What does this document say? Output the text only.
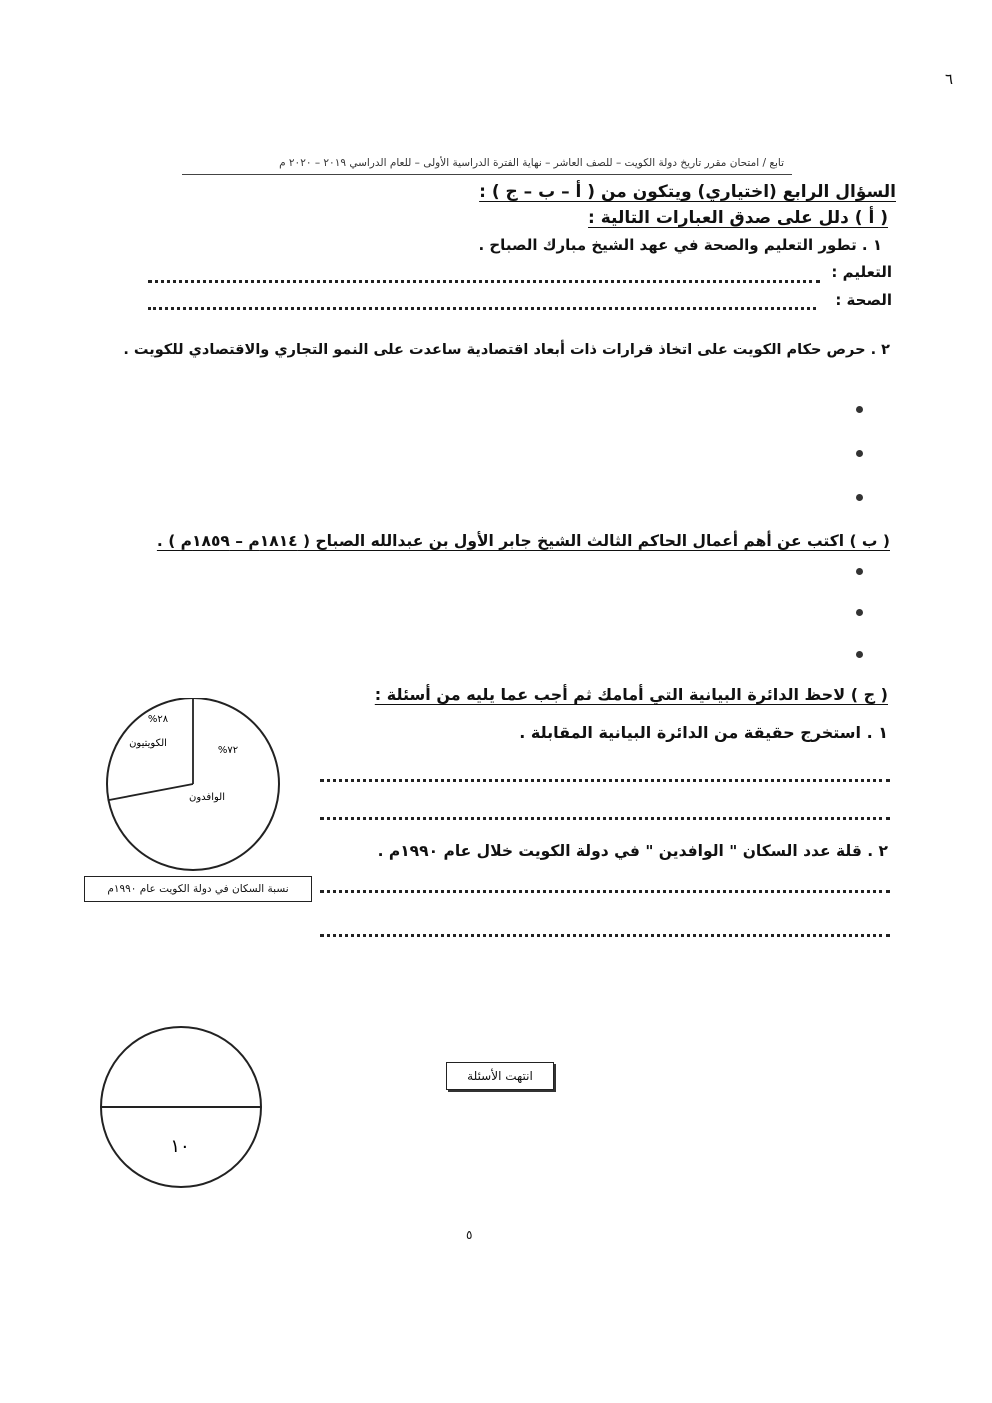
٦
تابع / امتحان مقرر تاريخ دولة الكويت – للصف العاشر – نهاية الفترة الدراسية الأولى – للعام الدراسي ٢٠١٩ – ٢٠٢٠ م
السؤال الرابع (اختياري) ويتكون من ( أ – ب – ج ) :
( أ ) دلل على صدق العبارات التالية :
١ . تطور التعليم والصحة في عهد الشيخ مبارك الصباح .
التعليم :
الصحة :
٢ . حرص حكام الكويت على اتخاذ قرارات ذات أبعاد اقتصادية ساعدت على النمو التجاري والاقتصادي للكويت .
( ب ) اكتب عن أهم أعمال الحاكم الثالث الشيخ جابر الأول بن عبدالله الصباح ( ١٨١٤م – ١٨٥٩م ) .
( ج ) لاحظ الدائرة البيانية التي أمامك ثم أجب عما يليه من أسئلة :
١ . استخرج حقيقة من الدائرة البيانية المقابلة .
٢ . قلة عدد السكان " الوافدين " في دولة الكويت خلال عام ١٩٩٠م .
٢٨%
الكويتيون
٧٢%
الوافدون
نسبة السكان في دولة الكويت عام ١٩٩٠م
١٠
انتهت الأسئلة
٥
